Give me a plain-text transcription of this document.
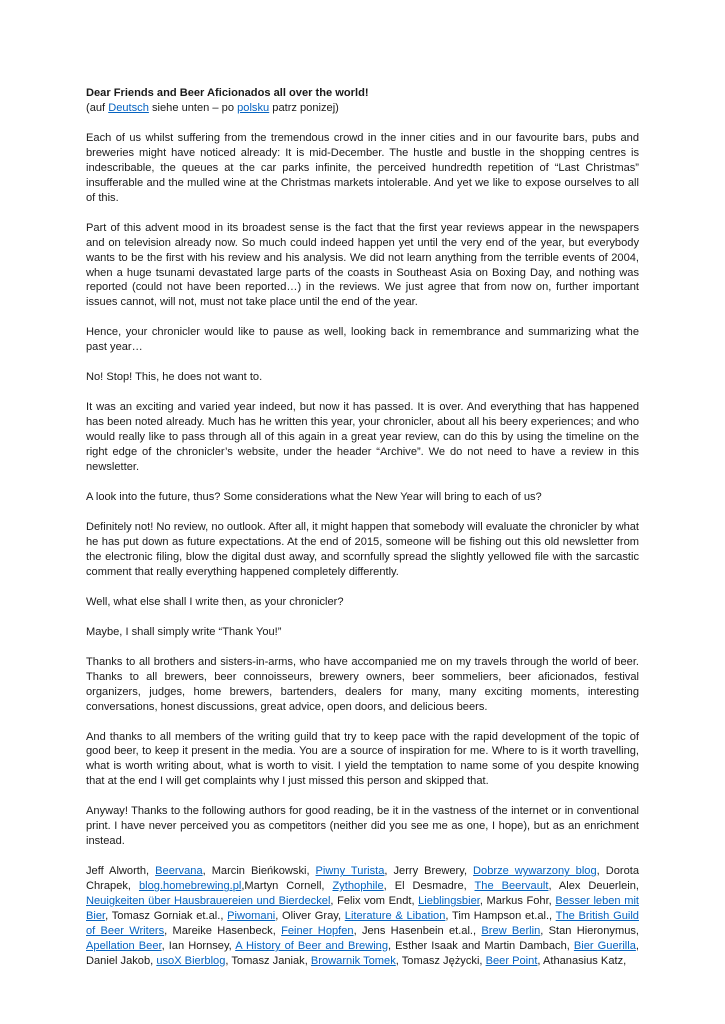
Dear Friends and Beer Aficionados all over the world!

(auf Deutsch siehe unten – po polsku patrz ponizej)

Each of us whilst suffering from the tremendous crowd in the inner cities and in our favourite bars, pubs and breweries might have noticed already: It is mid-December. The hustle and bustle in the shopping centres is indescribable, the queues at the car parks infinite, the perceived hundredth repetition of “Last Christmas” insufferable and the mulled wine at the Christmas markets intolerable. And yet we like to expose ourselves to all of this.

Part of this advent mood in its broadest sense is the fact that the first year reviews appear in the newspapers and on television already now. So much could indeed happen yet until the very end of the year, but everybody wants to be the first with his review and his analysis. We did not learn anything from the terrible events of 2004, when a huge tsunami devastated large parts of the coasts in Southeast Asia on Boxing Day, and nothing was reported (could not have been reported…) in the reviews. We just agree that from now on, further important issues cannot, will not, must not take place until the end of the year.

Hence, your chronicler would like to pause as well, looking back in remembrance and summarizing what the past year…

No! Stop! This, he does not want to.

It was an exciting and varied year indeed, but now it has passed. It is over. And everything that has happened has been noted already. Much has he written this year, your chronicler, about all his beery experiences; and who would really like to pass through all of this again in a great year review, can do this by using the timeline on the right edge of the chronicler’s website, under the header “Archive”. We do not need to have a review in this newsletter.

A look into the future, thus? Some considerations what the New Year will bring to each of us?

Definitely not! No review, no outlook. After all, it might happen that somebody will evaluate the chronicler by what he has put down as future expectations. At the end of 2015, someone will be fishing out this old newsletter from the electronic filing, blow the digital dust away, and scornfully spread the slightly yellowed file with the sarcastic comment that really everything happened completely differently.

Well, what else shall I write then, as your chronicler?

Maybe, I shall simply write “Thank You!”

Thanks to all brothers and sisters-in-arms, who have accompanied me on my travels through the world of beer. Thanks to all brewers, beer connoisseurs, brewery owners, beer sommeliers, beer aficionados, festival organizers, judges, home brewers, bartenders, dealers for many, many exciting moments, interesting conversations, honest discussions, great advice, open doors, and delicious beers.

And thanks to all members of the writing guild that try to keep pace with the rapid development of the topic of good beer, to keep it present in the media. You are a source of inspiration for me. Where to is it worth travelling, what is worth writing about, what is worth to visit. I yield the temptation to name some of you despite knowing that at the end I will get complaints why I just missed this person and skipped that.

Anyway! Thanks to the following authors for good reading, be it in the vastness of the internet or in conventional print. I have never perceived you as competitors (neither did you see me as one, I hope), but as an enrichment instead.

Jeff Alworth, Beervana, Marcin Bieńkowski, Piwny Turista, Jerry Brewery, Dobrze wywarzony blog, Dorota Chrapek, blog.homebrewing.pl,Martyn Cornell, Zythophile, El Desmadre, The Beervault, Alex Deuerlein, Neuigkeiten über Hausbrauereien und Bierdeckel, Felix vom Endt, Lieblingsbier, Markus Fohr, Besser leben mit Bier, Tomasz Gorniak et.al., Piwomani, Oliver Gray, Literature & Libation, Tim Hampson et.al., The British Guild of Beer Writers, Mareike Hasenbeck, Feiner Hopfen, Jens Hasenbein et.al., Brew Berlin, Stan Hieronymus, Apellation Beer, Ian Hornsey, A History of Beer and Brewing, Esther Isaak and Martin Dambach, Bier Guerilla, Daniel Jakob, usoX Bierblog, Tomasz Janiak, Browarnik Tomek, Tomasz Jężycki, Beer Point, Athanasius Katz,
